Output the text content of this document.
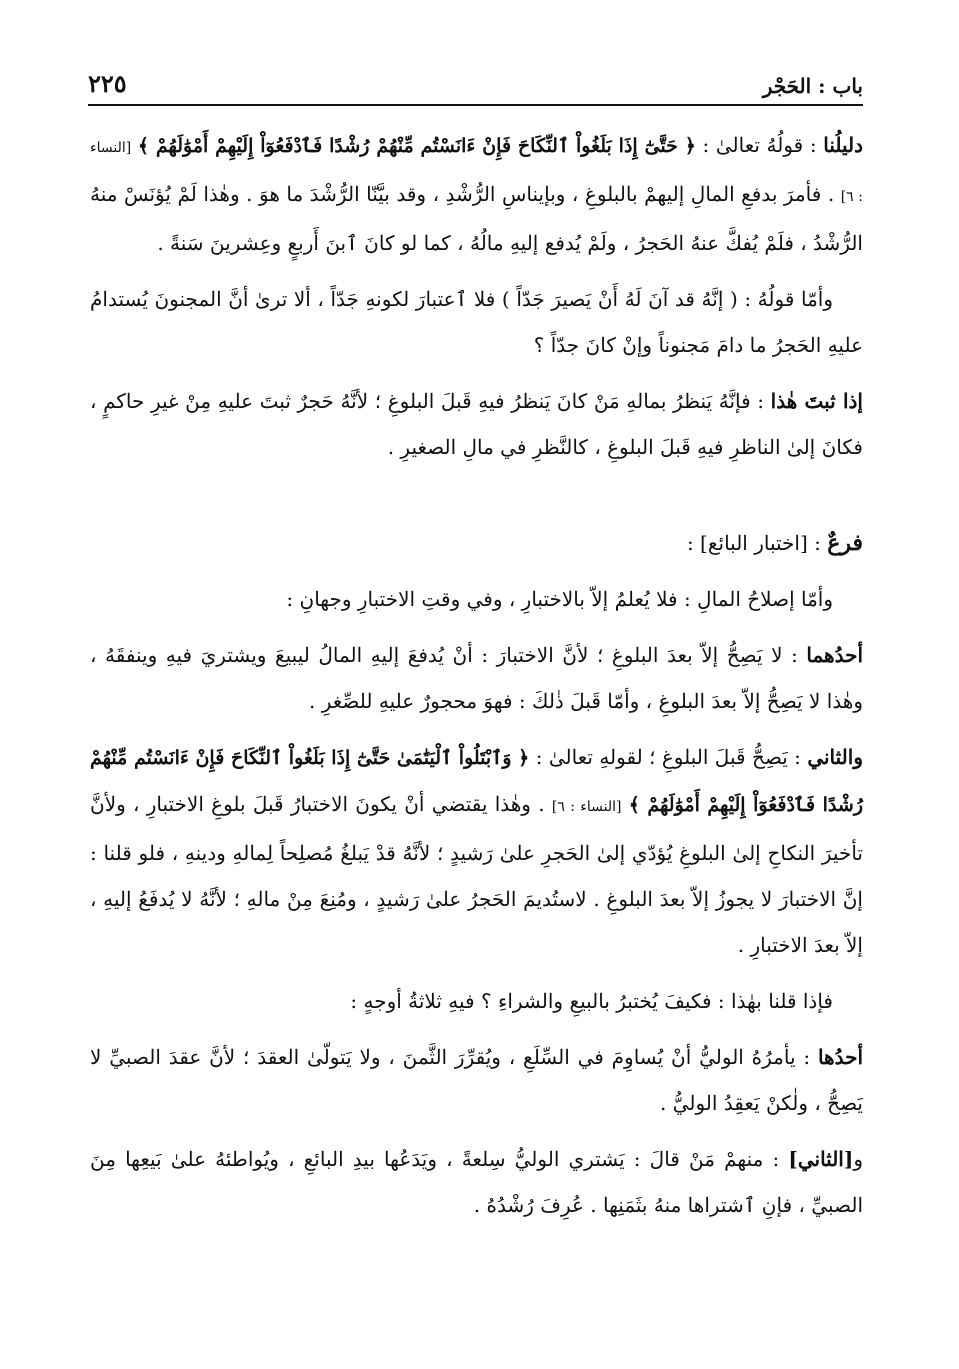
باب : الحَجْر
٢٢٥

دليلُنا : قولُهُ تعالىٰ : ﴿ حَتَّىٰٓ إِذَا بَلَغُواْ ٱلنِّكَاحَ فَإِنْ ءَانَسْتُم مِّنْهُمْ رُشْدًا فَٱدْفَعُوٓاْ إِلَيْهِمْ أَمْوَٰلَهُمْ ﴾ [النساء : ٦] . فأمرَ بدفعِ المالِ إليهمْ بالبلوغِ ، وبإيناسِ الرُّشْدِ ، وقد بيَّنّا الرُّشْدَ ما هوَ . وهٰذا لَمْ يُؤنَسْ منهُ الرُّشْدُ ، فلَمْ يُفكَّ عنهُ الحَجرُ ، ولَمْ يُدفع إليهِ مالُهُ ، كما لو كانَ ٱبنَ أَربعٍ وعِشرينَ سَنةً .

وأمّا قولُهُ : ( إنَّهُ قد آنَ لَهُ أَنْ يَصيرَ جَدّاً ) فلا ٱعتبارَ لكونهِ جَدّاً ، ألا ترىٰ أنَّ المجنونَ يُستدامُ عليهِ الحَجرُ ما دامَ مَجنوناً وإنْ كانَ جدّاً ؟

إذا ثبتَ هٰذا : فإنَّهُ يَنظرُ بمالهِ مَنْ كانَ يَنظرُ فيهِ قَبلَ البلوغِ ؛ لأنَّهُ حَجرٌ ثبتَ عليهِ مِنْ غيرِ حاكمٍ ، فكانَ إلىٰ الناظرِ فيهِ قَبلَ البلوغِ ، كالنَّظرِ في مالِ الصغيرِ .

فرعٌ : [اختبار البائع] :

وأمّا إصلاحُ المالِ : فلا يُعلمُ إلاّ بالاختبارِ ، وفي وقتِ الاختبارِ وجهانِ :

أحدُهما : لا يَصِحُّ إلاّ بعدَ البلوغِ ؛ لأنَّ الاختبارَ : أنْ يُدفعَ إليهِ المالُ ليبيعَ ويشتريَ فيهِ وينفقَهُ ، وهٰذا لا يَصِحُّ إلاّ بعدَ البلوغِ ، وأمّا قَبلَ ذٰلكَ : فهوَ محجورٌ عليهِ للصِّغرِ .

والثاني : يَصِحُّ قَبلَ البلوغِ ؛ لقولهِ تعالىٰ : ﴿ وَٱبْتَلُواْ ٱلْيَتَٰمَىٰ حَتَّىٰٓ إِذَا بَلَغُواْ ٱلنِّكَاحَ فَإِنْ ءَانَسْتُم مِّنْهُمْ رُشْدًا فَٱدْفَعُوٓاْ إِلَيْهِمْ أَمْوَٰلَهُمْ ﴾ [النساء : ٦] . وهٰذا يقتضي أنْ يكونَ الاختبارُ قَبلَ بلوغِ الاختبارِ ، ولأنَّ تأخيرَ النكاحِ إلىٰ البلوغِ يُؤدّي إلىٰ الحَجرِ علىٰ رَشيدٍ ؛ لأنَّهُ قدْ يَبلغُ مُصلِحاً لِمالهِ ودينهِ ، فلو قلنا : إنَّ الاختبارَ لا يجوزُ إلاّ بعدَ البلوغِ . لاستُديمَ الحَجرُ علىٰ رَشيدٍ ، ومُنِعَ مِنْ مالهِ ؛ لأنَّهُ لا يُدفَعُ إليهِ ، إلاّ بعدَ الاختبارِ .

فإذا قلنا بهٰذا : فكيفَ يُختبرُ بالبيعِ والشراءِ ؟ فيهِ ثلاثةُ أوجهٍ :

أحدُها : يأمرُهُ الوليُّ أنْ يُساوِمَ في السِّلَعِ ، ويُقرِّرَ الثَّمنَ ، ولا يَتولّىٰ العقدَ ؛ لأنَّ عقدَ الصبيِّ لا يَصِحُّ ، ولٰكنْ يَعقِدُ الوليُّ .

و[الثاني] : منهمْ مَنْ قالَ : يَشتري الوليُّ سِلعةً ، ويَدَعُها بيدِ البائعِ ، ويُواطئهُ علىٰ بَيعِها مِنَ الصبيِّ ، فإنِ ٱشتراها منهُ بثَمَنِها . عُرِفَ رُشْدُهُ .
